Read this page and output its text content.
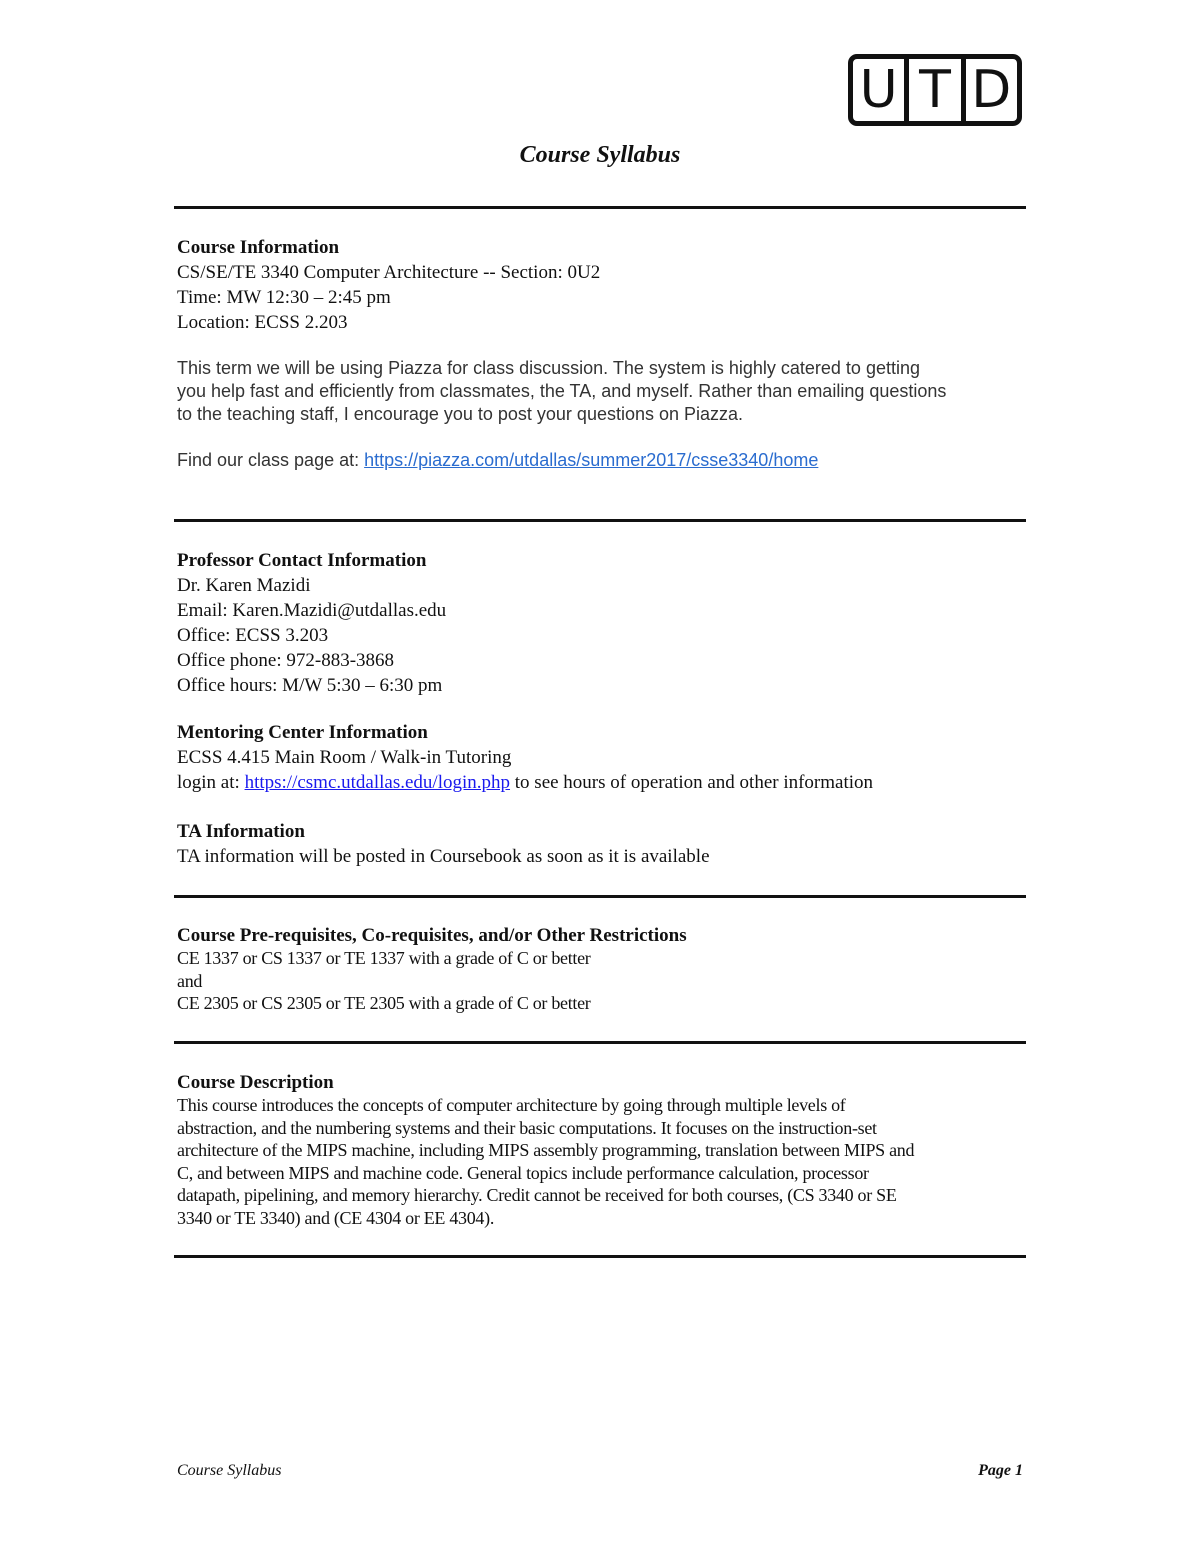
U T D
Course Syllabus
Course Information
CS/SE/TE 3340 Computer Architecture -- Section: 0U2
Time: MW 12:30 – 2:45 pm
Location: ECSS 2.203
This term we will be using Piazza for class discussion. The system is highly catered to getting
you help fast and efficiently from classmates, the TA, and myself. Rather than emailing questions
to the teaching staff, I encourage you to post your questions on Piazza.
Find our class page at: https://piazza.com/utdallas/summer2017/csse3340/home
Professor Contact Information
Dr. Karen Mazidi
Email: Karen.Mazidi@utdallas.edu
Office: ECSS 3.203
Office phone: 972-883-3868
Office hours: M/W 5:30 – 6:30 pm
Mentoring Center Information
ECSS 4.415 Main Room / Walk-in Tutoring
login at: https://csmc.utdallas.edu/login.php to see hours of operation and other information
TA Information
TA information will be posted in Coursebook as soon as it is available
Course Pre-requisites, Co-requisites, and/or Other Restrictions
CE 1337 or CS 1337 or TE 1337 with a grade of C or better
and
CE 2305 or CS 2305 or TE 2305 with a grade of C or better
Course Description
This course introduces the concepts of computer architecture by going through multiple levels of
abstraction, and the numbering systems and their basic computations. It focuses on the instruction-set
architecture of the MIPS machine, including MIPS assembly programming, translation between MIPS and
C, and between MIPS and machine code. General topics include performance calculation, processor
datapath, pipelining, and memory hierarchy. Credit cannot be received for both courses, (CS 3340 or SE
3340 or TE 3340) and (CE 4304 or EE 4304).
Course Syllabus	Page 1
